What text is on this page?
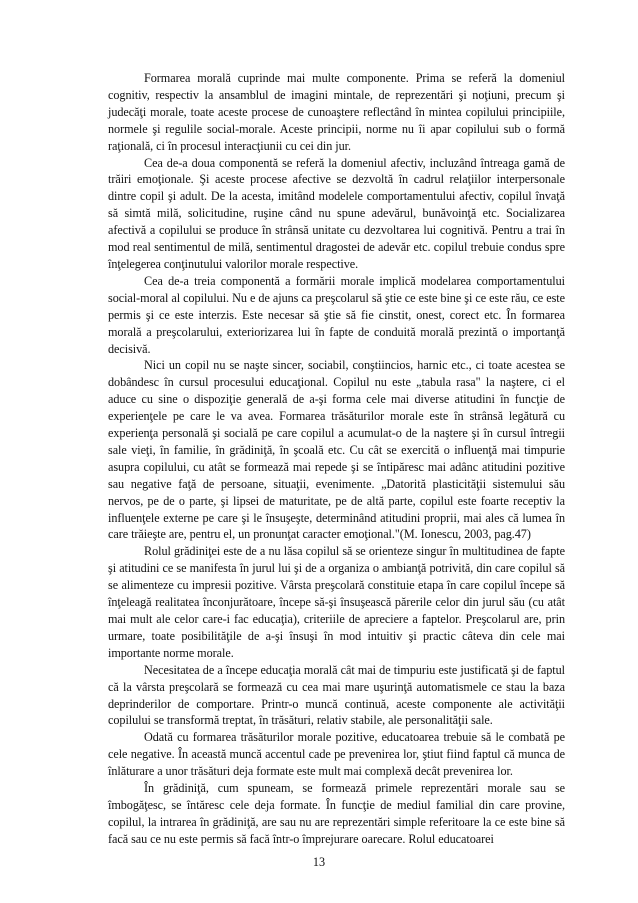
Formarea morală cuprinde mai multe componente. Prima se referă la domeniul cognitiv, respectiv la ansamblul de imagini mintale, de reprezentări şi noţiuni, precum şi judecăţi morale, toate aceste procese de cunoaştere reflectând în mintea copilului principiile, normele şi regulile social-morale. Aceste principii, norme nu îi apar copilului sub o formă raţională, ci în procesul interacţiunii cu cei din jur.

Cea de-a doua componentă se referă la domeniul afectiv, incluzând întreaga gamă de trăiri emoţionale. Şi aceste procese afective se dezvoltă în cadrul relaţiilor interpersonale dintre copil şi adult. De la acesta, imitând modelele comportamentului afectiv, copilul învaţă să simtă milă, solicitudine, ruşine când nu spune adevărul, bunăvoinţă etc. Socializarea afectivă a copilului se produce în strânsă unitate cu dezvoltarea lui cognitivă. Pentru a trai în mod real sentimentul de milă, sentimentul dragostei de adevăr etc. copilul trebuie condus spre înţelegerea conţinutului valorilor morale respective.

Cea de-a treia componentă a formării morale implică modelarea comportamentului social-moral al copilului. Nu e de ajuns ca preşcolarul să ştie ce este bine şi ce este rău, ce este permis şi ce este interzis. Este necesar să ştie să fie cinstit, onest, corect etc. În formarea morală a preşcolarului, exteriorizarea lui în fapte de conduită morală prezintă o importanţă decisivă.

Nici un copil nu se naşte sincer, sociabil, conştiincios, harnic etc., ci toate acestea se dobândesc în cursul procesului educaţional. Copilul nu este „tabula rasa" la naştere, ci el aduce cu sine o dispoziţie generală de a-şi forma cele mai diverse atitudini în funcţie de experienţele pe care le va avea. Formarea trăsăturilor morale este în strânsă legătură cu experienţa personală şi socială pe care copilul a acumulat-o de la naştere şi în cursul întregii sale vieţi, în familie, în grădiniţă, în şcoală etc. Cu cât se exercită o influenţă mai timpurie asupra copilului, cu atât se formează mai repede şi se întipăresc mai adânc atitudini pozitive sau negative faţă de persoane, situaţii, evenimente. „Datorită plasticităţii sistemului său nervos, pe de o parte, şi lipsei de maturitate, pe de altă parte, copilul este foarte receptiv la influenţele externe pe care şi le însuşeşte, determinând atitudini proprii, mai ales că lumea în care trăieşte are, pentru el, un pronunţat caracter emoţional."(M. Ionescu, 2003, pag.47)

Rolul grădiniţei este de a nu lăsa copilul să se orienteze singur în multitudinea de fapte şi atitudini ce se manifesta în jurul lui şi de a organiza o ambianţă potrivită, din care copilul să se alimenteze cu impresii pozitive. Vârsta preşcolară constituie etapa în care copilul începe să înţeleagă realitatea înconjurătoare, începe să-şi însuşească părerile celor din jurul său (cu atât mai mult ale celor care-i fac educaţia), criteriile de apreciere a faptelor. Preşcolarul are, prin urmare, toate posibilităţile de a-şi însuşi în mod intuitiv şi practic câteva din cele mai importante norme morale.

Necesitatea de a începe educaţia morală cât mai de timpuriu este justificată şi de faptul că la vârsta preşcolară se formează cu cea mai mare uşurinţă automatismele ce stau la baza deprinderilor de comportare. Printr-o muncă continuă, aceste componente ale activităţii copilului se transformă treptat, în trăsături, relativ stabile, ale personalităţii sale.

Odată cu formarea trăsăturilor morale pozitive, educatoarea trebuie să le combată pe cele negative. În această muncă accentul cade pe prevenirea lor, ştiut fiind faptul că munca de înlăturare a unor trăsături deja formate este mult mai complexă decât prevenirea lor.

În grădiniţă, cum spuneam, se formează primele reprezentări morale sau se îmbogăţesc, se întăresc cele deja formate. În funcţie de mediul familial din care provine, copilul, la intrarea în grădiniţă, are sau nu are reprezentări simple referitoare la ce este bine să facă sau ce nu este permis să facă într-o împrejurare oarecare. Rolul educatoarei

13
